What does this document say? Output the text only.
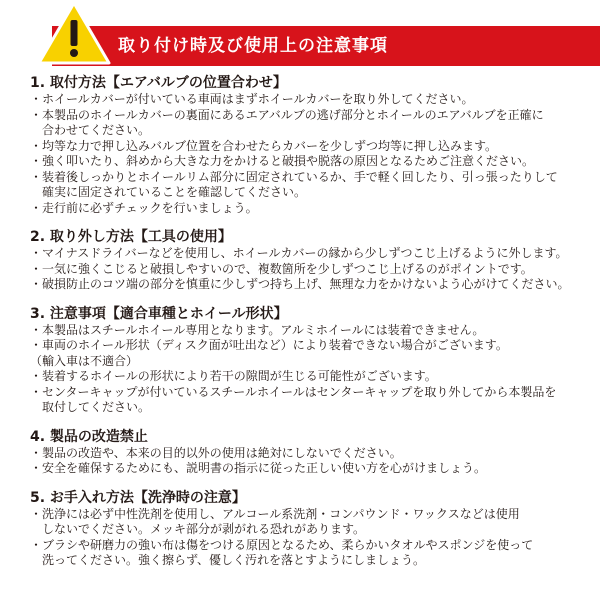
取り付け時及び使用上の注意事項
1. 取付方法【エアバルブの位置合わせ】
・ホイールカバーが付いている車両はまずホイールカバーを取り外してください。
・本製品のホイールカバーの裏面にあるエアバルブの逃げ部分とホイールのエアバルブを正確に
　合わせてください。
・均等な力で押し込みバルブ位置を合わせたらカバーを少しずつ均等に押し込みます。
・強く叩いたり、斜めから大きな力をかけると破損や脱落の原因となるためご注意ください。
・装着後しっかりとホイールリム部分に固定されているか、手で軽く回したり、引っ張ったりして
　確実に固定されていることを確認してください。
・走行前に必ずチェックを行いましょう。
2. 取り外し方法【工具の使用】
・マイナスドライバーなどを使用し、ホイールカバーの縁から少しずつこじ上げるように外します。
・一気に強くこじると破損しやすいので、複数箇所を少しずつこじ上げるのがポイントです。
・破損防止のコツ端の部分を慎重に少しずつ持ち上げ、無理な力をかけないよう心がけてください。
3. 注意事項【適合車種とホイール形状】
・本製品はスチールホイール専用となります。アルミホイールには装着できません。
・車両のホイール形状（ディスク面が吐出など）により装着できない場合がございます。
（輸入車は不適合）
・装着するホイールの形状により若干の隙間が生じる可能性がございます。
・センターキャップが付いているスチールホイールはセンターキャップを取り外してから本製品を
　取付してください。
4. 製品の改造禁止
・製品の改造や、本来の目的以外の使用は絶対にしないでください。
・安全を確保するためにも、説明書の指示に従った正しい使い方を心がけましょう。
5. お手入れ方法【洗浄時の注意】
・洗浄には必ず中性洗剤を使用し、アルコール系洗剤・コンパウンド・ワックスなどは使用
　しないでください。メッキ部分が剥がれる恐れがあります。
・ブラシや研磨力の強い布は傷をつける原因となるため、柔らかいタオルやスポンジを使って
　洗ってください。強く擦らず、優しく汚れを落とすようにしましょう。
